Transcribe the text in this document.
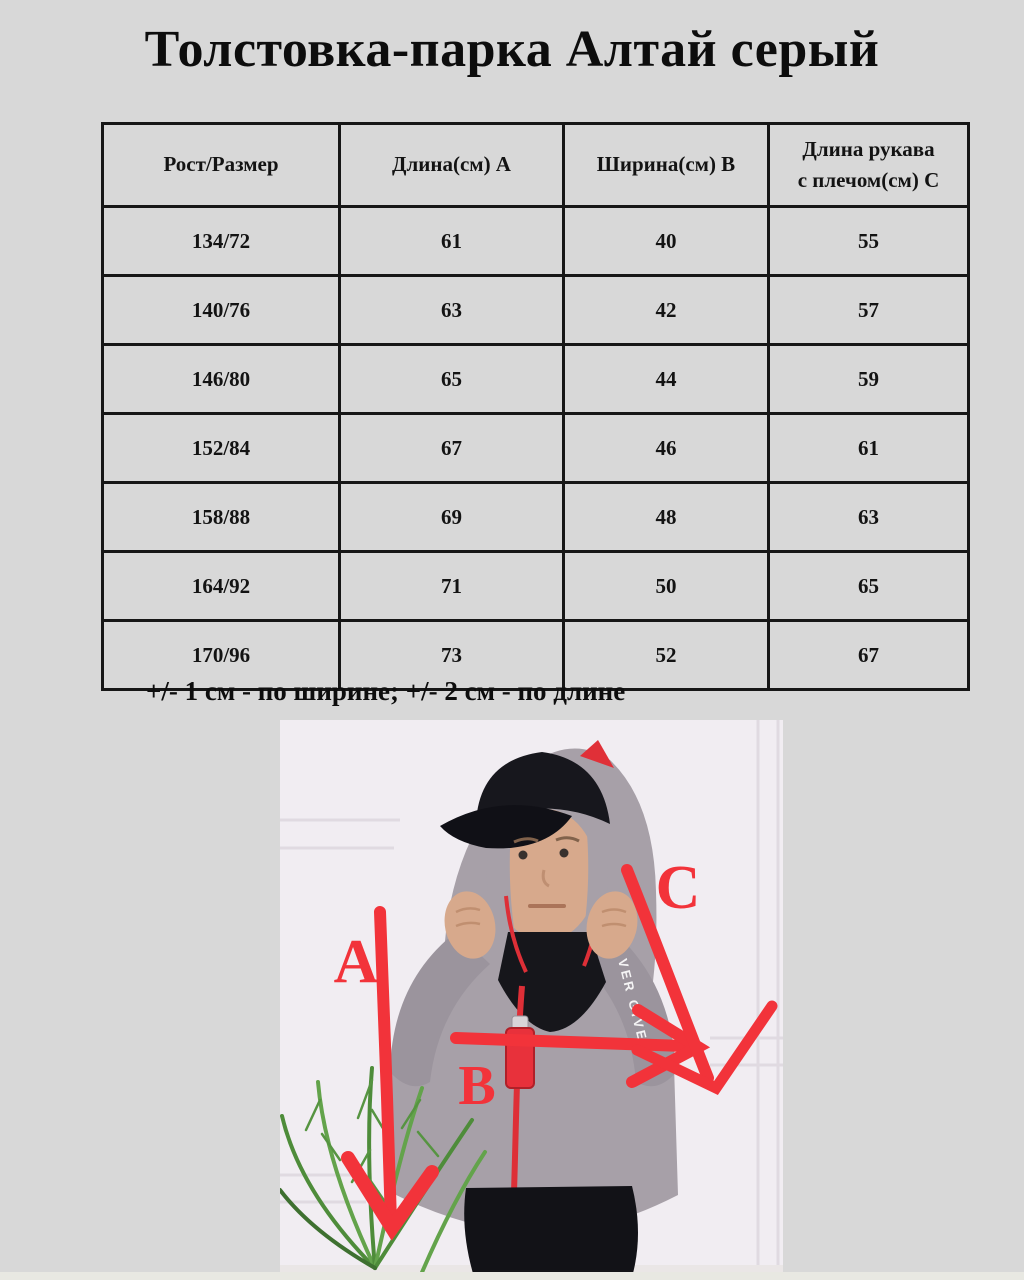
Толстовка-парка Алтай серый
Рост/Размер	Длина(см) A	Ширина(см) B	Длина рукава с плечом(см) C
134/72	61	40	55
140/76	63	42	57
146/80	65	44	59
152/84	67	46	61
158/88	69	48	63
164/92	71	50	65
170/96	73	52	67

+/- 1 см - по ширине; +/- 2 см - по длине

VER GIVE
A
B
C
